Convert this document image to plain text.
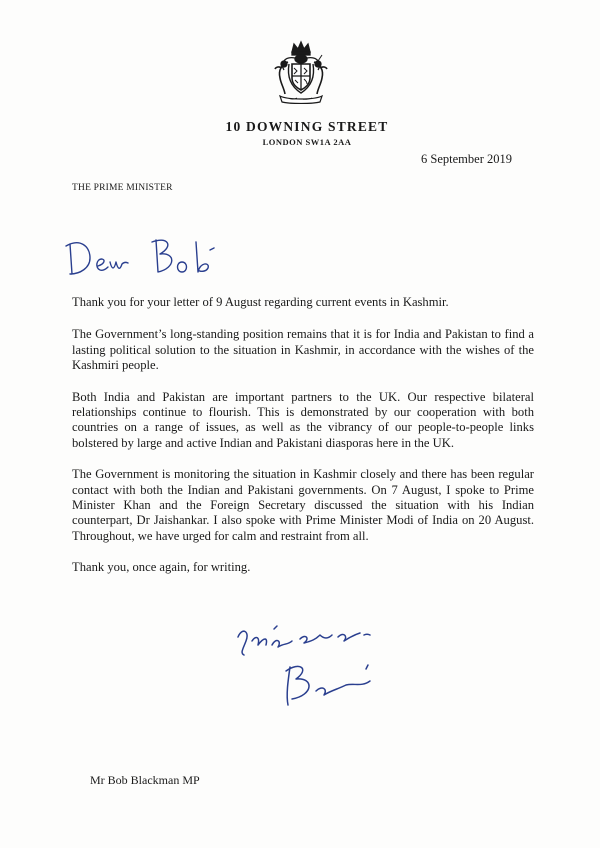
10 DOWNING STREET
LONDON SW1A 2AA
6 September 2019
THE PRIME MINISTER

Thank you for your letter of 9 August regarding current events in Kashmir.

The Government’s long-standing position remains that it is for India and Pakistan to find a lasting political solution to the situation in Kashmir, in accordance with the wishes of the Kashmiri people.

Both India and Pakistan are important partners to the UK. Our respective bilateral relationships continue to flourish. This is demonstrated by our cooperation with both countries on a range of issues, as well as the vibrancy of our people-to-people links bolstered by large and active Indian and Pakistani diasporas here in the UK.

The Government is monitoring the situation in Kashmir closely and there has been regular contact with both the Indian and Pakistani governments. On 7 August, I spoke to Prime Minister Khan and the Foreign Secretary discussed the situation with his Indian counterpart, Dr Jaishankar. I also spoke with Prime Minister Modi of India on 20 August. Throughout, we have urged for calm and restraint from all.

Thank you, once again, for writing.

Mr Bob Blackman MP
